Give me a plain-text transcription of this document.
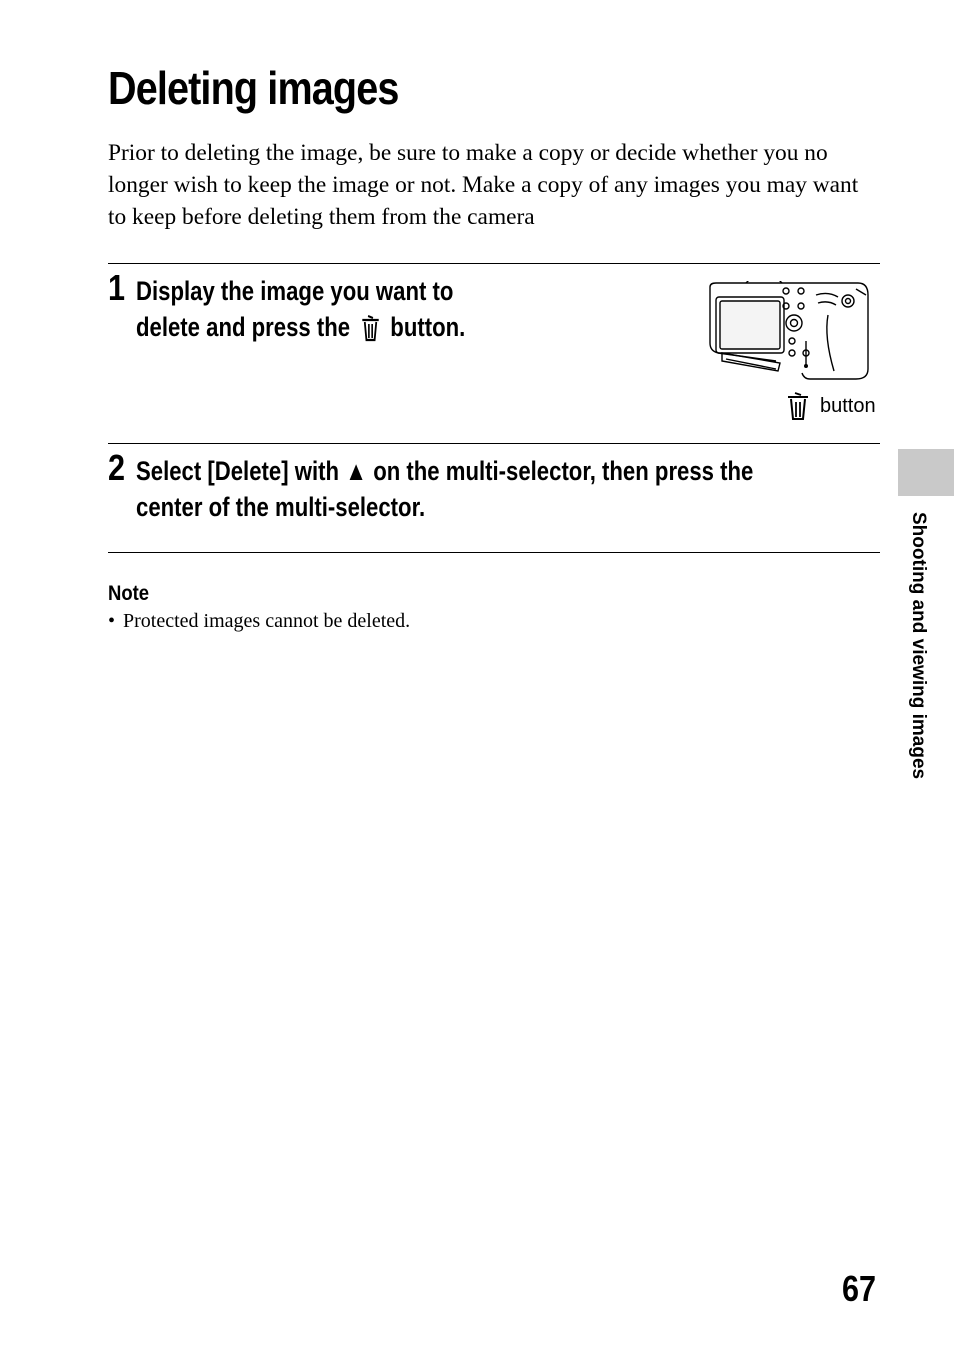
Deleting images

Prior to deleting the image, be sure to make a copy or decide whether you no longer wish to keep the image or not. Make a copy of any images you may want to keep before deleting them from the camera

1 Display the image you want to
delete and press the button.

button
2 Select [Delete] with ▲ on the multi-selector, then press the
center of the multi-selector.

Note
• Protected images cannot be deleted.	Shooting and viewing images
67
